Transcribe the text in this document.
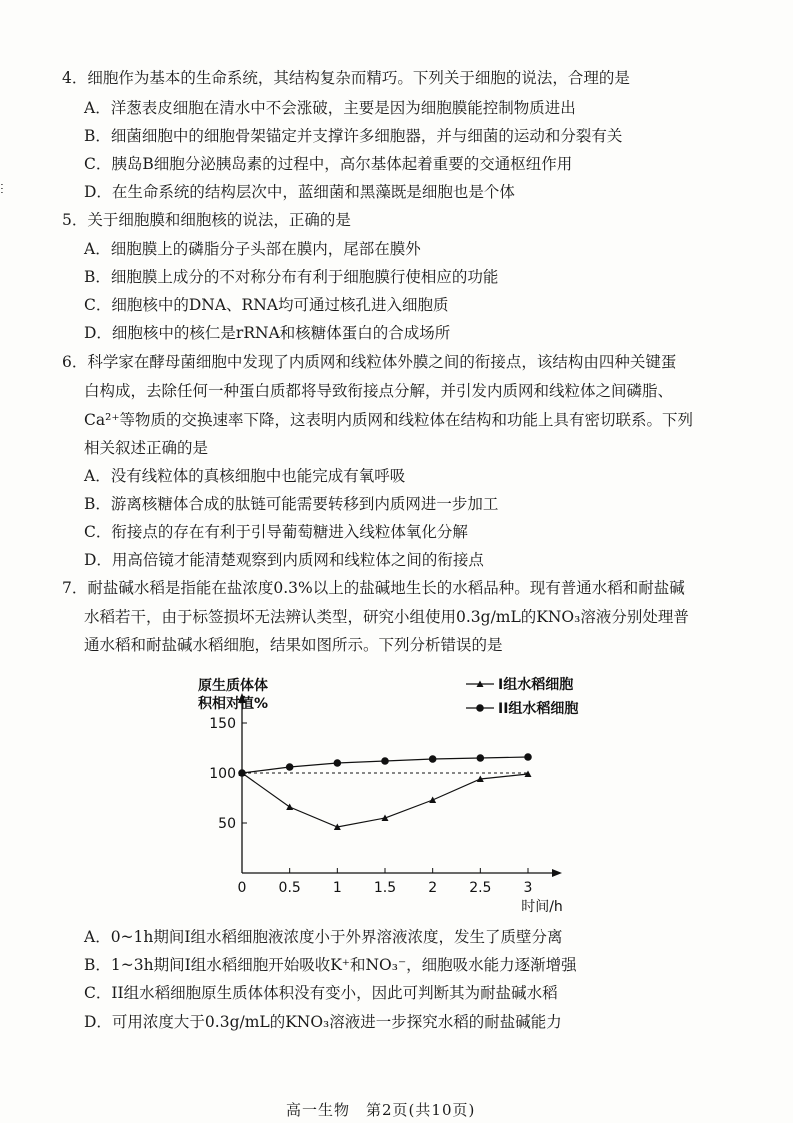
ⵗ
4．细胞作为基本的生命系统，其结构复杂而精巧。下列关于细胞的说法，合理的是
A．洋葱表皮细胞在清水中不会涨破，主要是因为细胞膜能控制物质进出
B．细菌细胞中的细胞骨架锚定并支撑许多细胞器，并与细菌的运动和分裂有关
C．胰岛B细胞分泌胰岛素的过程中，高尔基体起着重要的交通枢纽作用
D．在生命系统的结构层次中，蓝细菌和黑藻既是细胞也是个体
5．关于细胞膜和细胞核的说法，正确的是
A．细胞膜上的磷脂分子头部在膜内，尾部在膜外
B．细胞膜上成分的不对称分布有利于细胞膜行使相应的功能
C．细胞核中的DNA、RNA均可通过核孔进入细胞质
D．细胞核中的核仁是rRNA和核糖体蛋白的合成场所
6．科学家在酵母菌细胞中发现了内质网和线粒体外膜之间的衔接点，该结构由四种关键蛋
白构成，去除任何一种蛋白质都将导致衔接点分解，并引发内质网和线粒体之间磷脂、
Ca²⁺等物质的交换速率下降，这表明内质网和线粒体在结构和功能上具有密切联系。下列
相关叙述正确的是
A．没有线粒体的真核细胞中也能完成有氧呼吸
B．游离核糖体合成的肽链可能需要转移到内质网进一步加工
C．衔接点的存在有利于引导葡萄糖进入线粒体氧化分解
D．用高倍镜才能清楚观察到内质网和线粒体之间的衔接点
7．耐盐碱水稻是指能在盐浓度0.3%以上的盐碱地生长的水稻品种。现有普通水稻和耐盐碱
水稻若干，由于标签损坏无法辨认类型，研究小组使用0.3g/mL的KNO₃溶液分别处理普
通水稻和耐盐碱水稻细胞，结果如图所示。下列分析错误的是
原生质体体
积相对值%
50
100
150
0 0.5 1 1.5 2 2.5 3
时间/h
I组水稻细胞
II组水稻细胞
A．0~1h期间I组水稻细胞液浓度小于外界溶液浓度，发生了质壁分离
B．1~3h期间I组水稻细胞开始吸收K⁺和NO₃⁻，细胞吸水能力逐渐增强
C．II组水稻细胞原生质体体积没有变小，因此可判断其为耐盐碱水稻
D．可用浓度大于0.3g/mL的KNO₃溶液进一步探究水稻的耐盐碱能力
高一生物　第2页(共10页)
